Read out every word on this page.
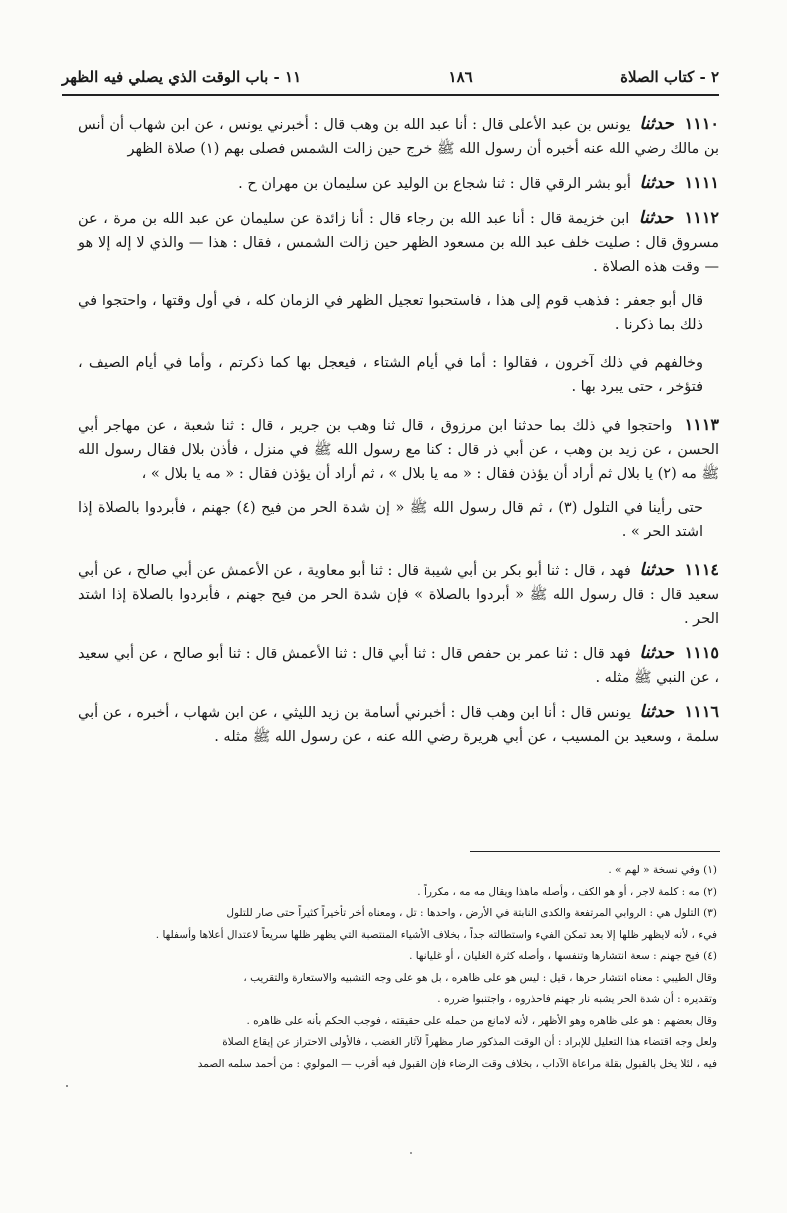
٢ - كتاب الصلاة
١٨٦
١١ - باب الوقت الذي يصلي فيه الظهر

١١١٠ حدثنا يونس بن عبد الأعلى قال : أنا عبد الله بن وهب قال : أخبرني يونس ، عن ابن شهاب أن أنس بن مالك رضي الله عنه أخبره أن رسول الله ﷺ خرج حين زالت الشمس فصلى بهم (١) صلاة الظهر

١١١١ حدثنا أبو بشر الرقي قال : ثنا شجاع بن الوليد عن سليمان بن مهران ح .

١١١٢ حدثنا ابن خزيمة قال : أنا عبد الله بن رجاء قال : أنا زائدة عن سليمان عن عبد الله بن مرة ، عن مسروق قال : صليت خلف عبد الله بن مسعود الظهر حين زالت الشمس ، فقال : هذا — والذي لا إله إلا هو — وقت هذه الصلاة .

قال أبو جعفر : فذهب قوم إلى هذا ، فاستحبوا تعجيل الظهر في الزمان كله ، في أول وقتها ، واحتجوا في ذلك بما ذكرنا .

وخالفهم في ذلك آخرون ، فقالوا : أما في أيام الشتاء ، فيعجل بها كما ذكرتم ، وأما في أيام الصيف ، فتؤخر ، حتى يبرد بها .

١١١٣ واحتجوا في ذلك بما حدثنا ابن مرزوق ، قال ثنا وهب بن جرير ، قال : ثنا شعبة ، عن مهاجر أبي الحسن ، عن زيد بن وهب ، عن أبي ذر قال : كنا مع رسول الله ﷺ في منزل ، فأذن بلال فقال رسول الله ﷺ مه (٢) يا بلال ثم أراد أن يؤذن فقال : « مه يا بلال » ، ثم أراد أن يؤذن فقال : « مه يا بلال » ،

حتى رأينا في التلول (٣) ، ثم قال رسول الله ﷺ « إن شدة الحر من فيح (٤) جهنم ، فأبردوا بالصلاة إذا اشتد الحر » .

١١١٤ حدثنا فهد ، قال : ثنا أبو بكر بن أبي شيبة قال : ثنا أبو معاوية ، عن الأعمش عن أبي صالح ، عن أبي سعيد قال : قال رسول الله ﷺ « أبردوا بالصلاة » فإن شدة الحر من فيح جهنم ، فأبردوا بالصلاة إذا اشتد الحر .

١١١٥ حدثنا فهد قال : ثنا عمر بن حفص قال : ثنا أبي قال : ثنا الأعمش قال : ثنا أبو صالح ، عن أبي سعيد ، عن النبي ﷺ مثله .

١١١٦ حدثنا يونس قال : أنا ابن وهب قال : أخبرني أسامة بن زيد الليثي ، عن ابن شهاب ، أخبره ، عن أبي سلمة ، وسعيد بن المسيب ، عن أبي هريرة رضي الله عنه ، عن رسول الله ﷺ مثله .

(١) وفي نسخة « لهم » .
(٢) مه : كلمة لاجر ، أو هو الكف ، وأصله ماهذا ويقال مه مه ، مكرراً .
(٣) التلول هي : الروابي المرتفعة والكدى النابتة في الأرض ، واحدها : تل ، ومعناه أخر تأخيراً كثيراً حتى صار للتلول
فيء ، لأنه لايظهر ظلها إلا بعد تمكن الفيء واستطالته جداً ، بخلاف الأشياء المنتصبة التي يظهر ظلها سريعاً لاعتدال أعلاها وأسفلها .
(٤) فيح جهنم : سعة انتشارها وتنفسها ، وأصله كثرة الغليان ، أو غليانها .
وقال الطيبي : معناه انتشار حرها ، قيل : ليس هو على ظاهره ، بل هو على وجه التشبيه والاستعارة والتقريب ،
وتقديره : أن شدة الحر يشبه نار جهنم فاحذروه ، واجتنبوا ضرره .
وقال بعضهم : هو على ظاهره وهو الأظهر ، لأنه لامانع من حمله على حقيقته ، فوجب الحكم بأنه على ظاهره .
ولعل وجه اقتضاء هذا التعليل للإبراد : أن الوقت المذكور صار مظهراً لآثار الغضب ، فالأولى الاحتراز عن إيقاع الصلاة
فيه ، لئلا يخل بالقبول بقلة مراعاة الآداب ، بخلاف وقت الرضاء فإن القبول فيه أقرب — المولوي : من أحمد سلمه الصمد
